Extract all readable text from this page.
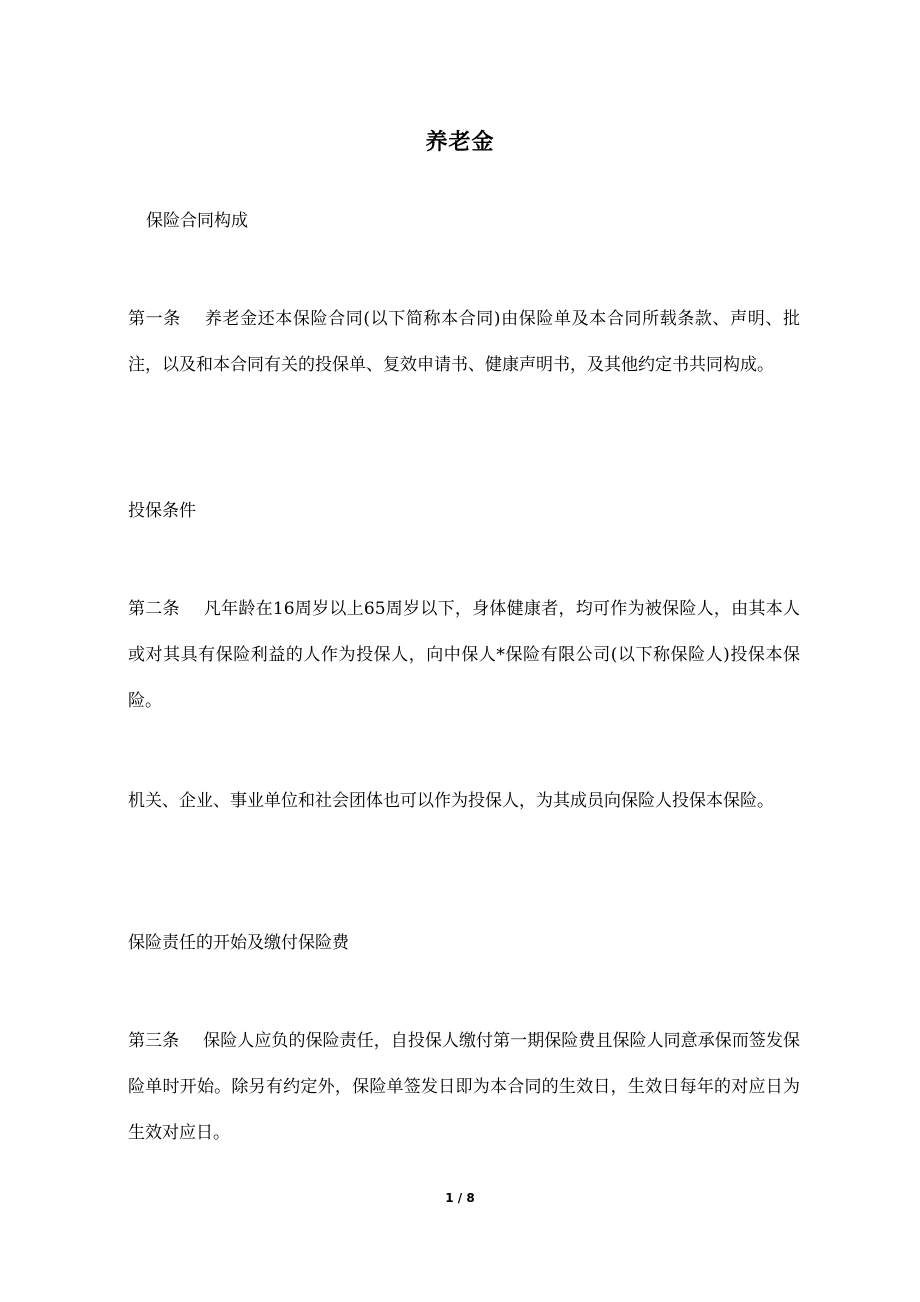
养老金
保险合同构成

第一条 养老金还本保险合同(以下简称本合同)由保险单及本合同所载条款、声明、批注，以及和本合同有关的投保单、复效申请书、健康声明书，及其他约定书共同构成。

投保条件

第二条 凡年龄在16周岁以上65周岁以下，身体健康者，均可作为被保险人，由其本人或对其具有保险利益的人作为投保人，向中保人*保险有限公司(以下称保险人)投保本保险。

机关、企业、事业单位和社会团体也可以作为投保人，为其成员向保险人投保本保险。

保险责任的开始及缴付保险费

第三条 保险人应负的保险责任，自投保人缴付第一期保险费且保险人同意承保而签发保险单时开始。除另有约定外，保险单签发日即为本合同的生效日，生效日每年的对应日为生效对应日。

1 / 8
